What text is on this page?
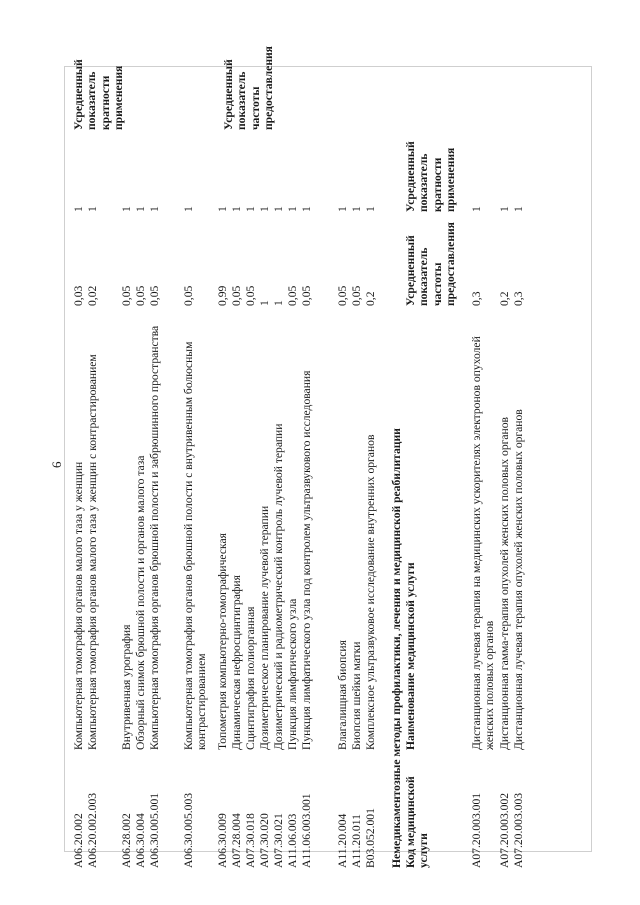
6
A06.20.002
Компьютерная томография органов малого таза у женщин
0,03
1
A06.20.002.003
Компьютерная томография органов малого таза у женщин с контрастированием
0,02
1
A06.28.002
Внутривенная урография
0,05
1
A06.30.004
Обзорный снимок брюшной полости и органов малого таза
0,05
1
A06.30.005.001
Компьютерная томография органов брюшной полости и забрюшинного пространства
0,05
1
A06.30.005.003
Компьютерная томография органов брюшной полости с внутривенным болюсным контрастированием
0,05
1
A06.30.009
Топометрия компьютерно-томографическая
0,99
1
A07.28.004
Динамическая нефросцинтиграфия
0,05
1
A07.30.018
Сцинтиграфия полиорганная
0,05
1
A07.30.020
Дозиметрическое планирование лучевой терапии
1
1
A07.30.021
Дозиметрический и радиометрический контроль лучевой терапии
1
1
A11.06.003
Пункция лимфатического узла
0,05
1
A11.06.003.001
Пункция лимфатического узла под контролем ультразвукового исследования
0,05
1
A11.20.004
Влагалищная биопсия
0,05
1
A11.20.011
Биопсия шейки матки
0,05
1
B03.052.001
Комплексное ультразвуковое исследование внутренних органов
0,2
1
Немедикаментозные методы профилактики, лечения и медицинской реабилитации Код медицинской услуги
Наименование медицинской услуги
Усредненный показатель частоты предоставления
Усредненный показатель кратности применения
A07.20.003.001
Дистанционная лучевая терапия на медицинских ускорителях электронов опухолей женских половых органов
0,3
1
A07.20.003.002
Дистанционная гамма-терапия опухолей женских половых органов
0,2
1
A07.20.003.003
Дистанционная лучевая терапия опухолей женских половых органов
0,3
1
Усредненный показатель кратности применения	Усредненный показатель частоты предоставления
